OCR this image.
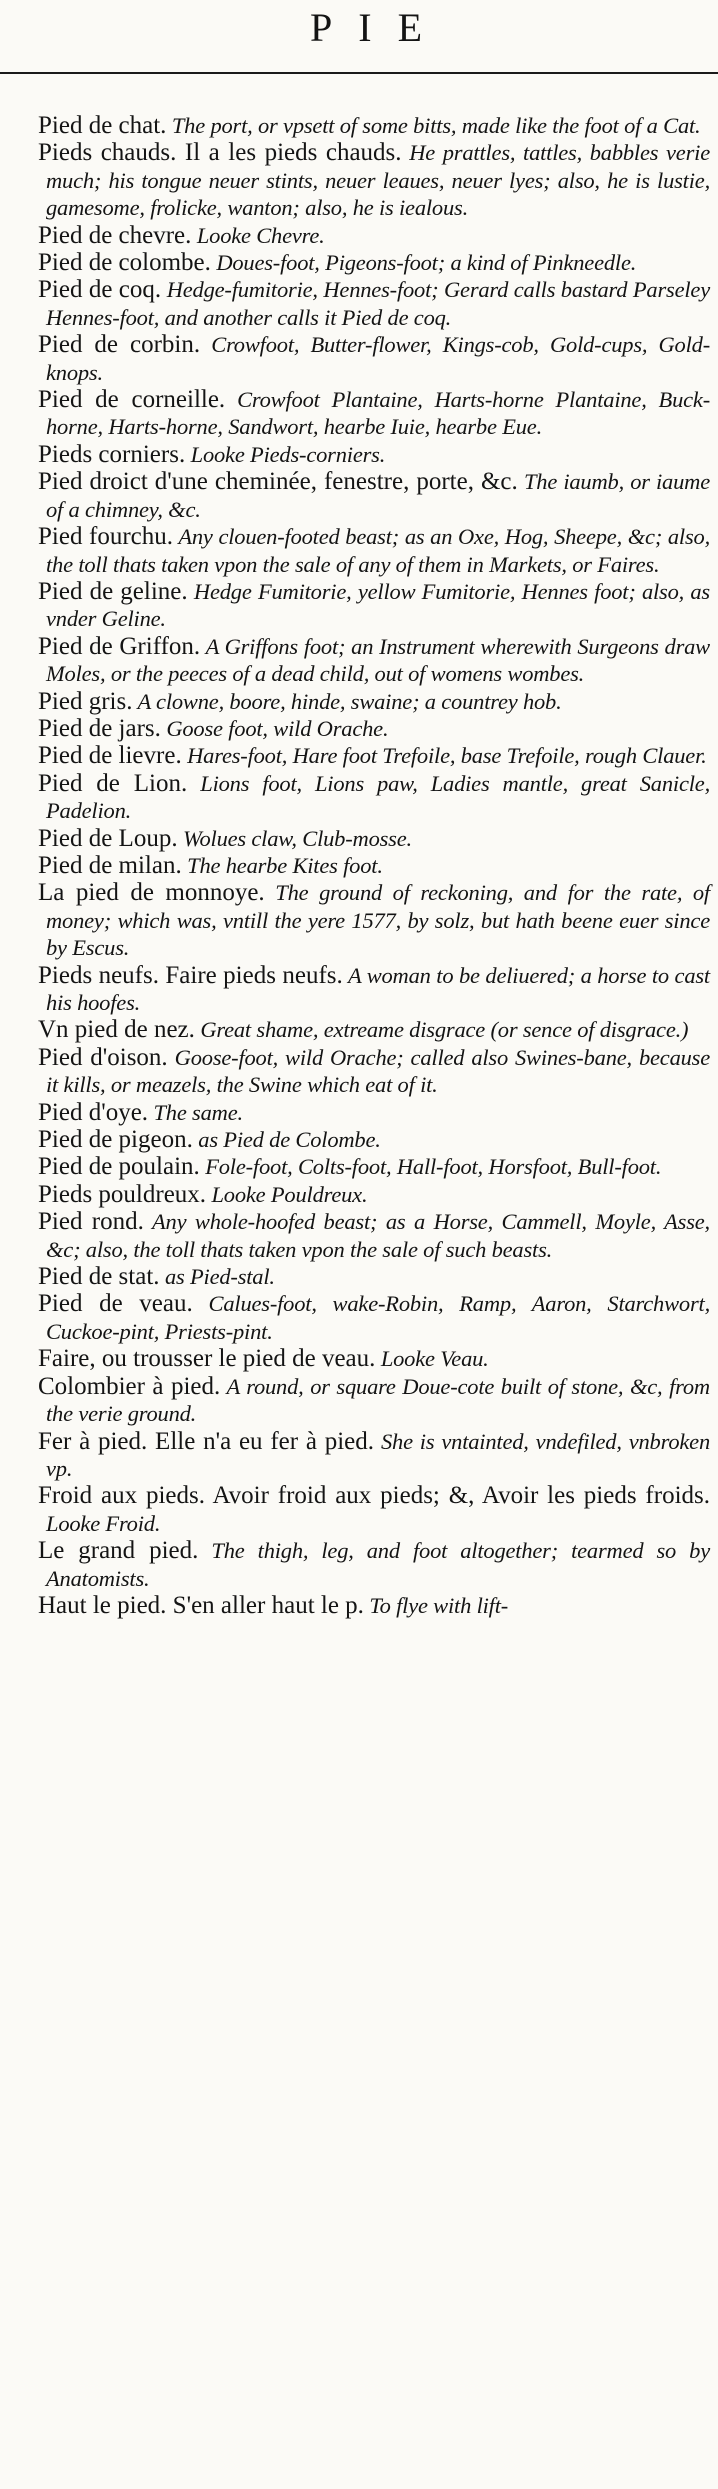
PIE

Pied de chat. The port, or vpsett of some bitts, made like the foot of a Cat.

Pieds chauds. Il a les pieds chauds. He prattles, tattles, babbles verie much; his tongue neuer stints, neuer leaues, neuer lyes; also, he is lustie, gamesome, frolicke, wanton; also, he is iealous.

Pied de chevre. Looke Chevre.

Pied de colombe. Doues-foot, Pigeons-foot; a kind of Pinkneedle.

Pied de coq. Hedge-fumitorie, Hennes-foot; Gerard calls bastard Parseley Hennes-foot, and another calls it Pied de coq.

Pied de corbin. Crowfoot, Butter-flower, Kings-cob, Gold-cups, Gold-knops.

Pied de corneille. Crowfoot Plantaine, Harts-horne Plantaine, Buck-horne, Harts-horne, Sandwort, hearbe Iuie, hearbe Eue.

Pieds corniers. Looke Pieds-corniers.

Pied droict d'une cheminée, fenestre, porte, &c. The iaumb, or iaume of a chimney, &c.

Pied fourchu. Any clouen-footed beast; as an Oxe, Hog, Sheepe, &c; also, the toll thats taken vpon the sale of any of them in Markets, or Faires.

Pied de geline. Hedge Fumitorie, yellow Fumitorie, Hennes foot; also, as vnder Geline.

Pied de Griffon. A Griffons foot; an Instrument wherewith Surgeons draw Moles, or the peeces of a dead child, out of womens wombes.

Pied gris. A clowne, boore, hinde, swaine; a countrey hob.

Pied de jars. Goose foot, wild Orache.

Pied de lievre. Hares-foot, Hare foot Trefoile, base Trefoile, rough Clauer.

Pied de Lion. Lions foot, Lions paw, Ladies mantle, great Sanicle, Padelion.

Pied de Loup. Wolues claw, Club-mosse.

Pied de milan. The hearbe Kites foot.

La pied de monnoye. The ground of reckoning, and for the rate, of money; which was, vntill the yere 1577, by solz, but hath beene euer since by Escus.

Pieds neufs. Faire pieds neufs. A woman to be deliuered; a horse to cast his hoofes.

Vn pied de nez. Great shame, extreame disgrace (or sence of disgrace.)

Pied d'oison. Goose-foot, wild Orache; called also Swines-bane, because it kills, or meazels, the Swine which eat of it.

Pied d'oye. The same.

Pied de pigeon. as Pied de Colombe.

Pied de poulain. Fole-foot, Colts-foot, Hall-foot, Horsfoot, Bull-foot.

Pieds pouldreux. Looke Pouldreux.

Pied rond. Any whole-hoofed beast; as a Horse, Cammell, Moyle, Asse, &c; also, the toll thats taken vpon the sale of such beasts.

Pied de stat. as Pied-stal.

Pied de veau. Calues-foot, wake-Robin, Ramp, Aaron, Starchwort, Cuckoe-pint, Priests-pint.

Faire, ou trousser le pied de veau. Looke Veau.

Colombier à pied. A round, or square Doue-cote built of stone, &c, from the verie ground.

Fer à pied. Elle n'a eu fer à pied. She is vntainted, vndefiled, vnbroken vp.

Froid aux pieds. Avoir froid aux pieds; &, Avoir les pieds froids. Looke Froid.

Le grand pied. The thigh, leg, and foot altogether; tearmed so by Anatomists.

Haut le pied. S'en aller haut le p. To flye with lift-
